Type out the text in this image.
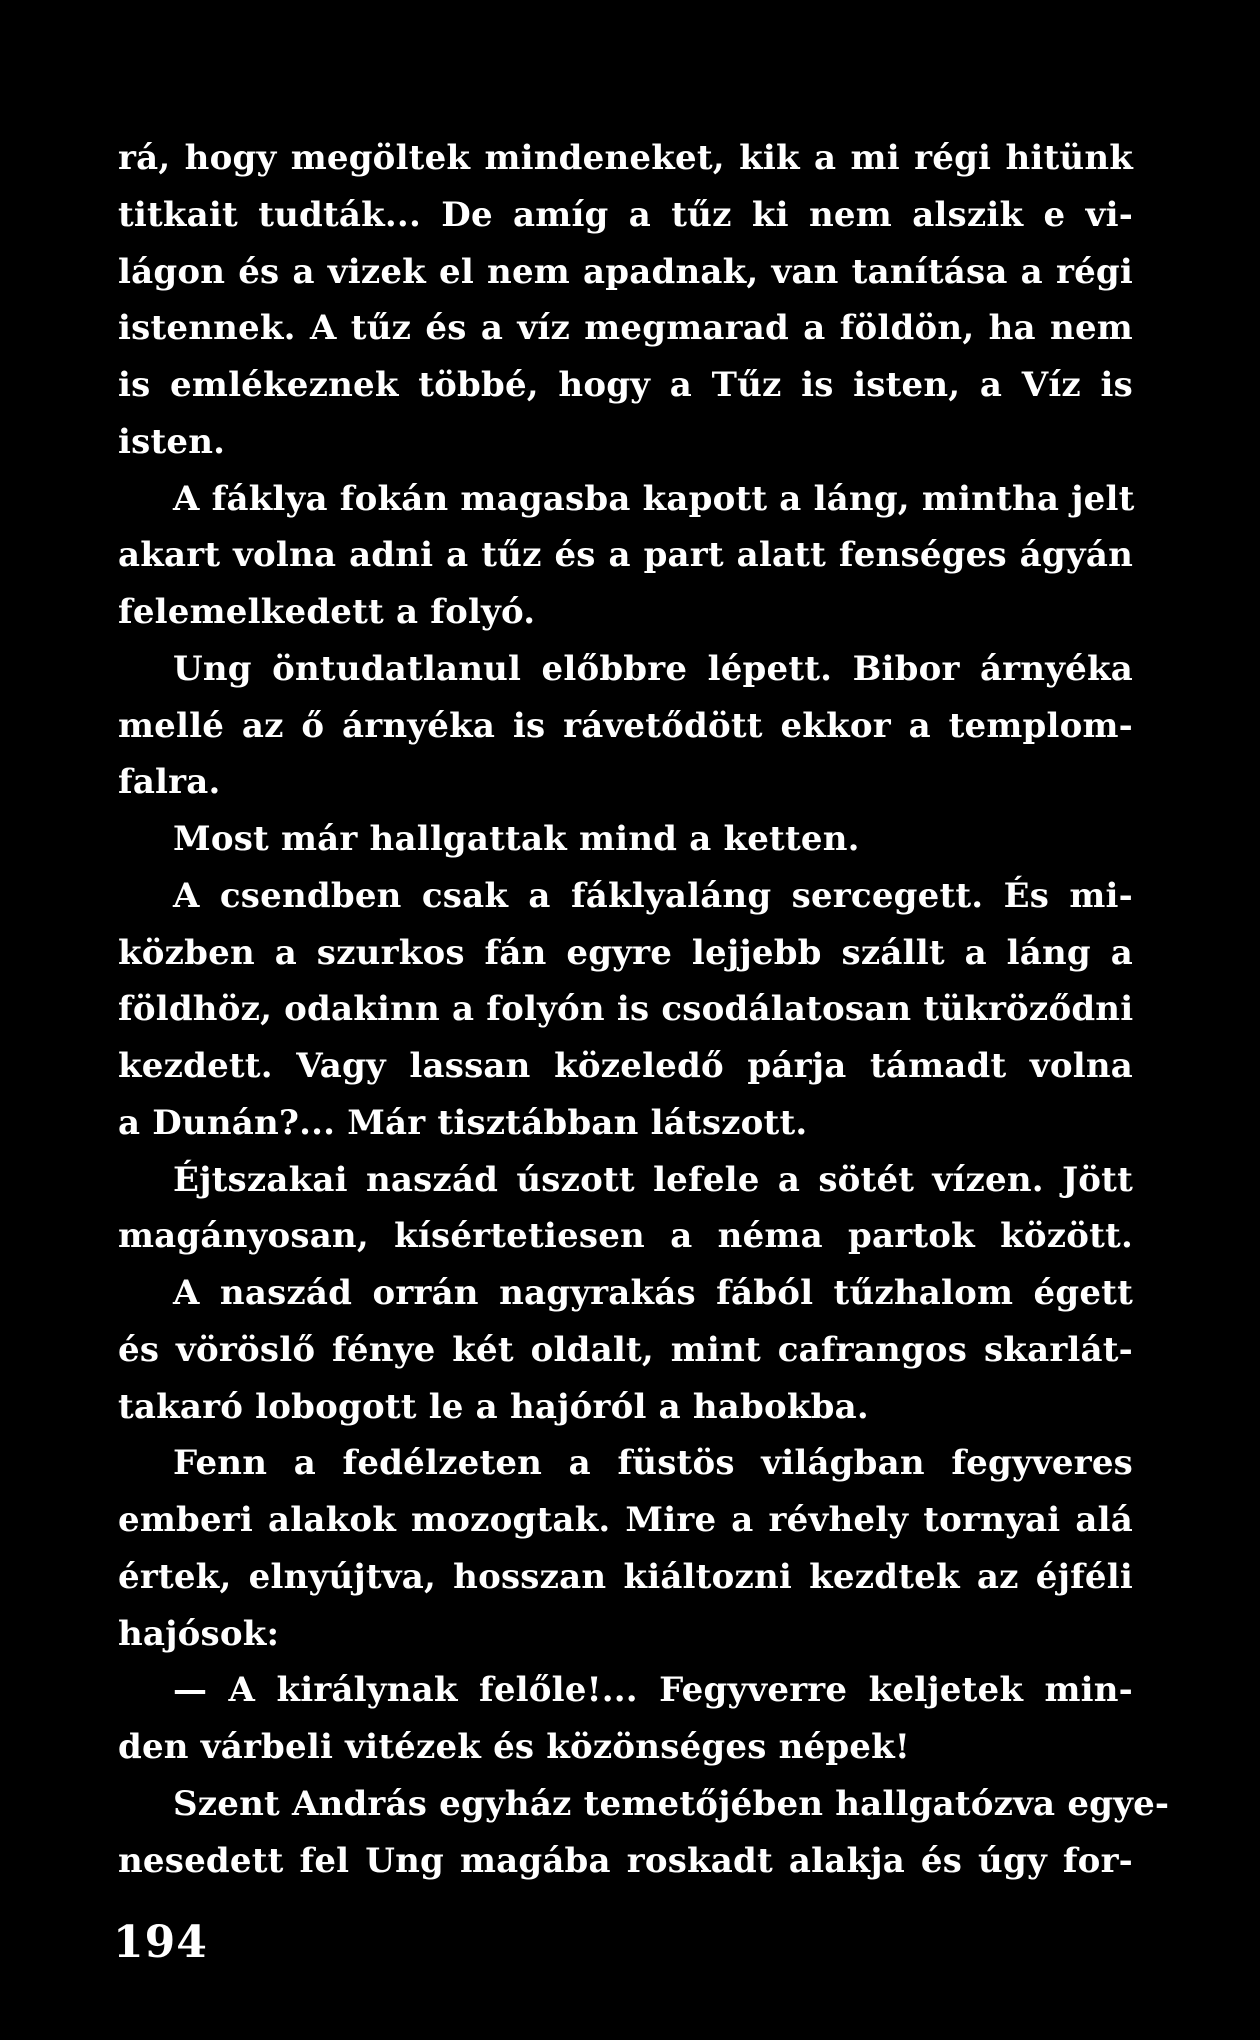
rá, hogy megöltek mindeneket, kik a mi régi hitünk
titkait tudták... De amíg a tűz ki nem alszik e vi-
lágon és a vizek el nem apadnak, van tanítása a régi
istennek. A tűz és a víz megmarad a földön, ha nem
is emlékeznek többé, hogy a Tűz is isten, a Víz is
isten.
A fáklya fokán magasba kapott a láng, mintha jelt
akart volna adni a tűz és a part alatt fenséges ágyán
felemelkedett a folyó.
Ung öntudatlanul előbbre lépett. Bibor árnyéka
mellé az ő árnyéka is rávetődött ekkor a templom-
falra.
Most már hallgattak mind a ketten.
A csendben csak a fáklyaláng sercegett. És mi-
közben a szurkos fán egyre lejjebb szállt a láng a
földhöz, odakinn a folyón is csodálatosan tükröződni
kezdett. Vagy lassan közeledő párja támadt volna
a Dunán?... Már tisztábban látszott.
Éjtszakai naszád úszott lefele a sötét vízen. Jött
magányosan, kísértetiesen a néma partok között.
A naszád orrán nagyrakás fából tűzhalom égett
és vöröslő fénye két oldalt, mint cafrangos skarlát-
takaró lobogott le a hajóról a habokba.
Fenn a fedélzeten a füstös világban fegyveres
emberi alakok mozogtak. Mire a révhely tornyai alá
értek, elnyújtva, hosszan kiáltozni kezdtek az éjféli
hajósok:
— A királynak felőle!... Fegyverre keljetek min-
den várbeli vitézek és közönséges népek!
Szent András egyház temetőjében hallgatózva egye-
nesedett fel Ung magába roskadt alakja és úgy for-
194
